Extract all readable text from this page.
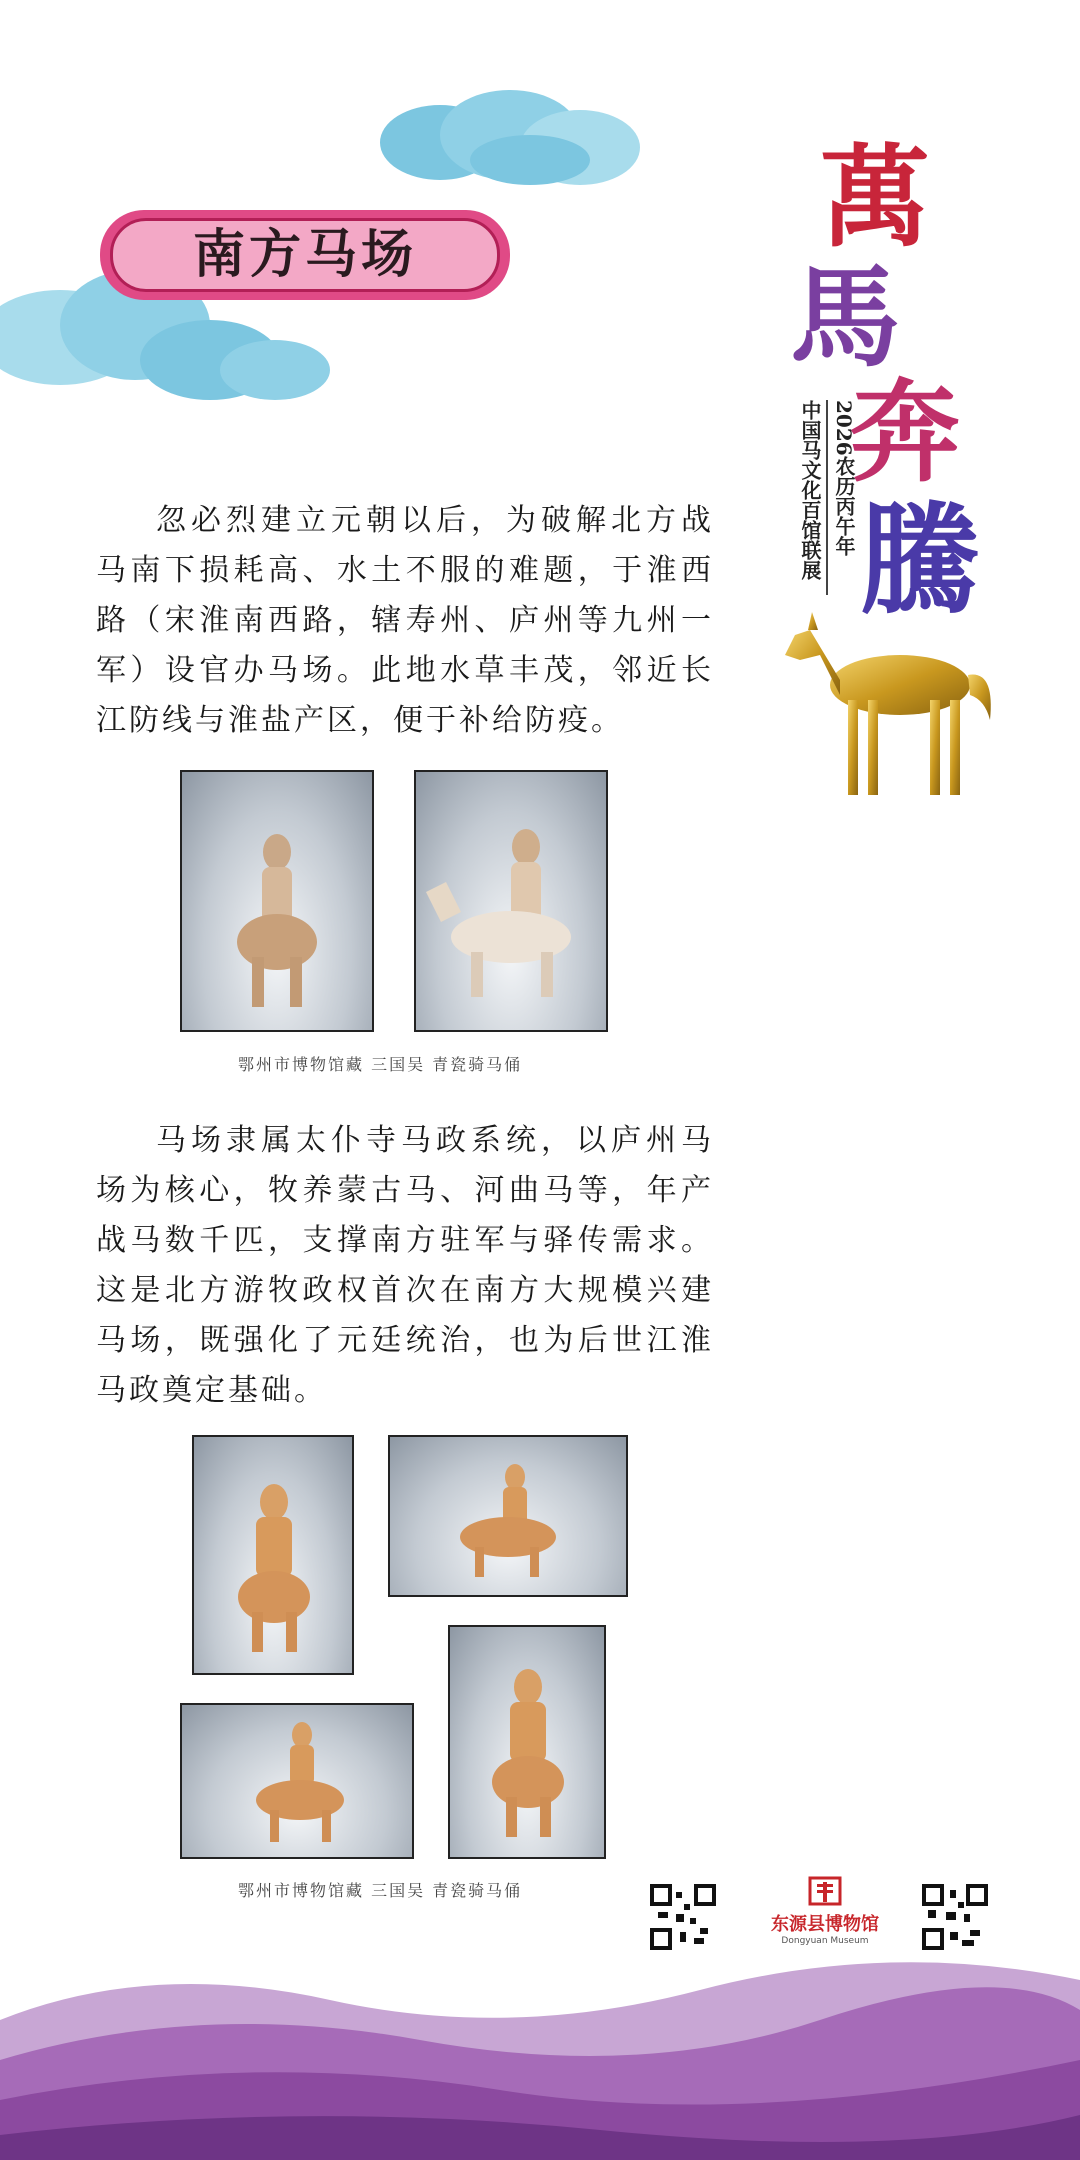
南方马场	萬
馬
奔
騰
2026农历丙午年
中国马文化百馆联展
忽必烈建立元朝以后，为破解北方战马南下损耗高、水土不服的难题，于淮西路（宋淮南西路，辖寿州、庐州等九州一军）设官办马场。此地水草丰茂，邻近长江防线与淮盐产区，便于补给防疫。
鄂州市博物馆藏 三国吴 青瓷骑马俑
马场隶属太仆寺马政系统，以庐州马场为核心，牧养蒙古马、河曲马等，年产战马数千匹，支撑南方驻军与驿传需求。这是北方游牧政权首次在南方大规模兴建马场，既强化了元廷统治，也为后世江淮马政奠定基础。
鄂州市博物馆藏 三国吴 青瓷骑马俑
东源县博物馆
Dongyuan Museum
